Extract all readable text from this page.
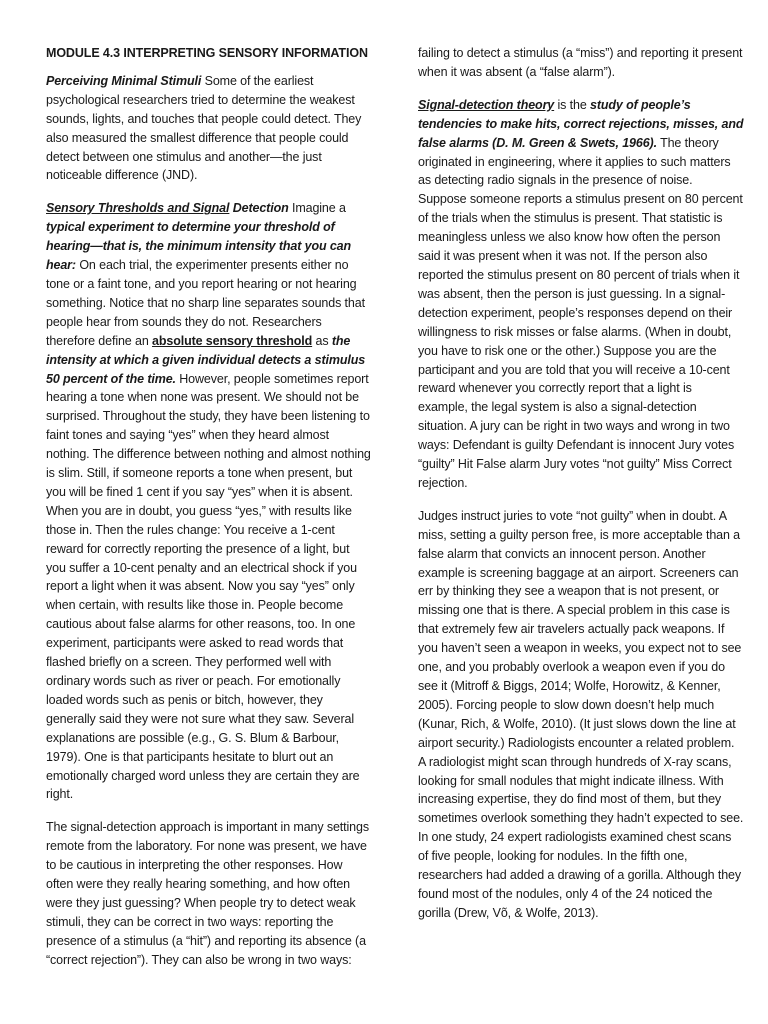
MODULE 4.3 INTERPRETING SENSORY INFORMATION

Perceiving Minimal Stimuli Some of the earliest psychological researchers tried to determine the weakest sounds, lights, and touches that people could detect. They also measured the smallest difference that people could detect between one stimulus and another—the just noticeable difference (JND).

Sensory Thresholds and Signal Detection Imagine a typical experiment to determine your threshold of hearing—that is, the minimum intensity that you can hear: On each trial, the experimenter presents either no tone or a faint tone, and you report hearing or not hearing something. Notice that no sharp line separates sounds that people hear from sounds they do not. Researchers therefore define an absolute sensory threshold as the intensity at which a given individual detects a stimulus 50 percent of the time. However, people sometimes report hearing a tone when none was present. We should not be surprised. Throughout the study, they have been listening to faint tones and saying “yes” when they heard almost nothing. The difference between nothing and almost nothing is slim. Still, if someone reports a tone when present, but you will be fined 1 cent if you say “yes” when it is absent. When you are in doubt, you guess “yes,” with results like those in. Then the rules change: You receive a 1-cent reward for correctly reporting the presence of a light, but you suffer a 10-cent penalty and an electrical shock if you report a light when it was absent. Now you say “yes” only when certain, with results like those in. People become cautious about false alarms for other reasons, too. In one experiment, participants were asked to read words that flashed briefly on a screen. They performed well with ordinary words such as river or peach. For emotionally loaded words such as penis or bitch, however, they generally said they were not sure what they saw. Several explanations are possible (e.g., G. S. Blum & Barbour, 1979). One is that participants hesitate to blurt out an emotionally charged word unless they are certain they are right.

The signal-detection approach is important in many settings remote from the laboratory. For none was present, we have to be cautious in interpreting the other responses. How often were they really hearing something, and how often were they just guessing? When people try to detect weak stimuli, they can be correct in two ways: reporting the presence of a stimulus (a “hit”) and reporting its absence (a “correct rejection”). They can also be wrong in two ways:

failing to detect a stimulus (a “miss”) and reporting it present when it was absent (a “false alarm”).

Signal-detection theory is the study of people’s tendencies to make hits, correct rejections, misses, and false alarms (D. M. Green & Swets, 1966). The theory originated in engineering, where it applies to such matters as detecting radio signals in the presence of noise. Suppose someone reports a stimulus present on 80 percent of the trials when the stimulus is present. That statistic is meaningless unless we also know how often the person said it was present when it was not. If the person also reported the stimulus present on 80 percent of trials when it was absent, then the person is just guessing. In a signal-detection experiment, people’s responses depend on their willingness to risk misses or false alarms. (When in doubt, you have to risk one or the other.) Suppose you are the participant and you are told that you will receive a 10-cent reward whenever you correctly report that a light is example, the legal system is also a signal-detection situation. A jury can be right in two ways and wrong in two ways: Defendant is guilty Defendant is innocent Jury votes “guilty” Hit False alarm Jury votes “not guilty” Miss Correct rejection.

Judges instruct juries to vote “not guilty” when in doubt. A miss, setting a guilty person free, is more acceptable than a false alarm that convicts an innocent person. Another example is screening baggage at an airport. Screeners can err by thinking they see a weapon that is not present, or missing one that is there. A special problem in this case is that extremely few air travelers actually pack weapons. If you haven’t seen a weapon in weeks, you expect not to see one, and you probably overlook a weapon even if you do see it (Mitroff & Biggs, 2014; Wolfe, Horowitz, & Kenner, 2005). Forcing people to slow down doesn’t help much (Kunar, Rich, & Wolfe, 2010). (It just slows down the line at airport security.) Radiologists encounter a related problem. A radiologist might scan through hundreds of X-ray scans, looking for small nodules that might indicate illness. With increasing expertise, they do find most of them, but they sometimes overlook something they hadn’t expected to see. In one study, 24 expert radiologists examined chest scans of five people, looking for nodules. In the fifth one, researchers had added a drawing of a gorilla. Although they found most of the nodules, only 4 of the 24 noticed the gorilla (Drew, Võ, & Wolfe, 2013).
